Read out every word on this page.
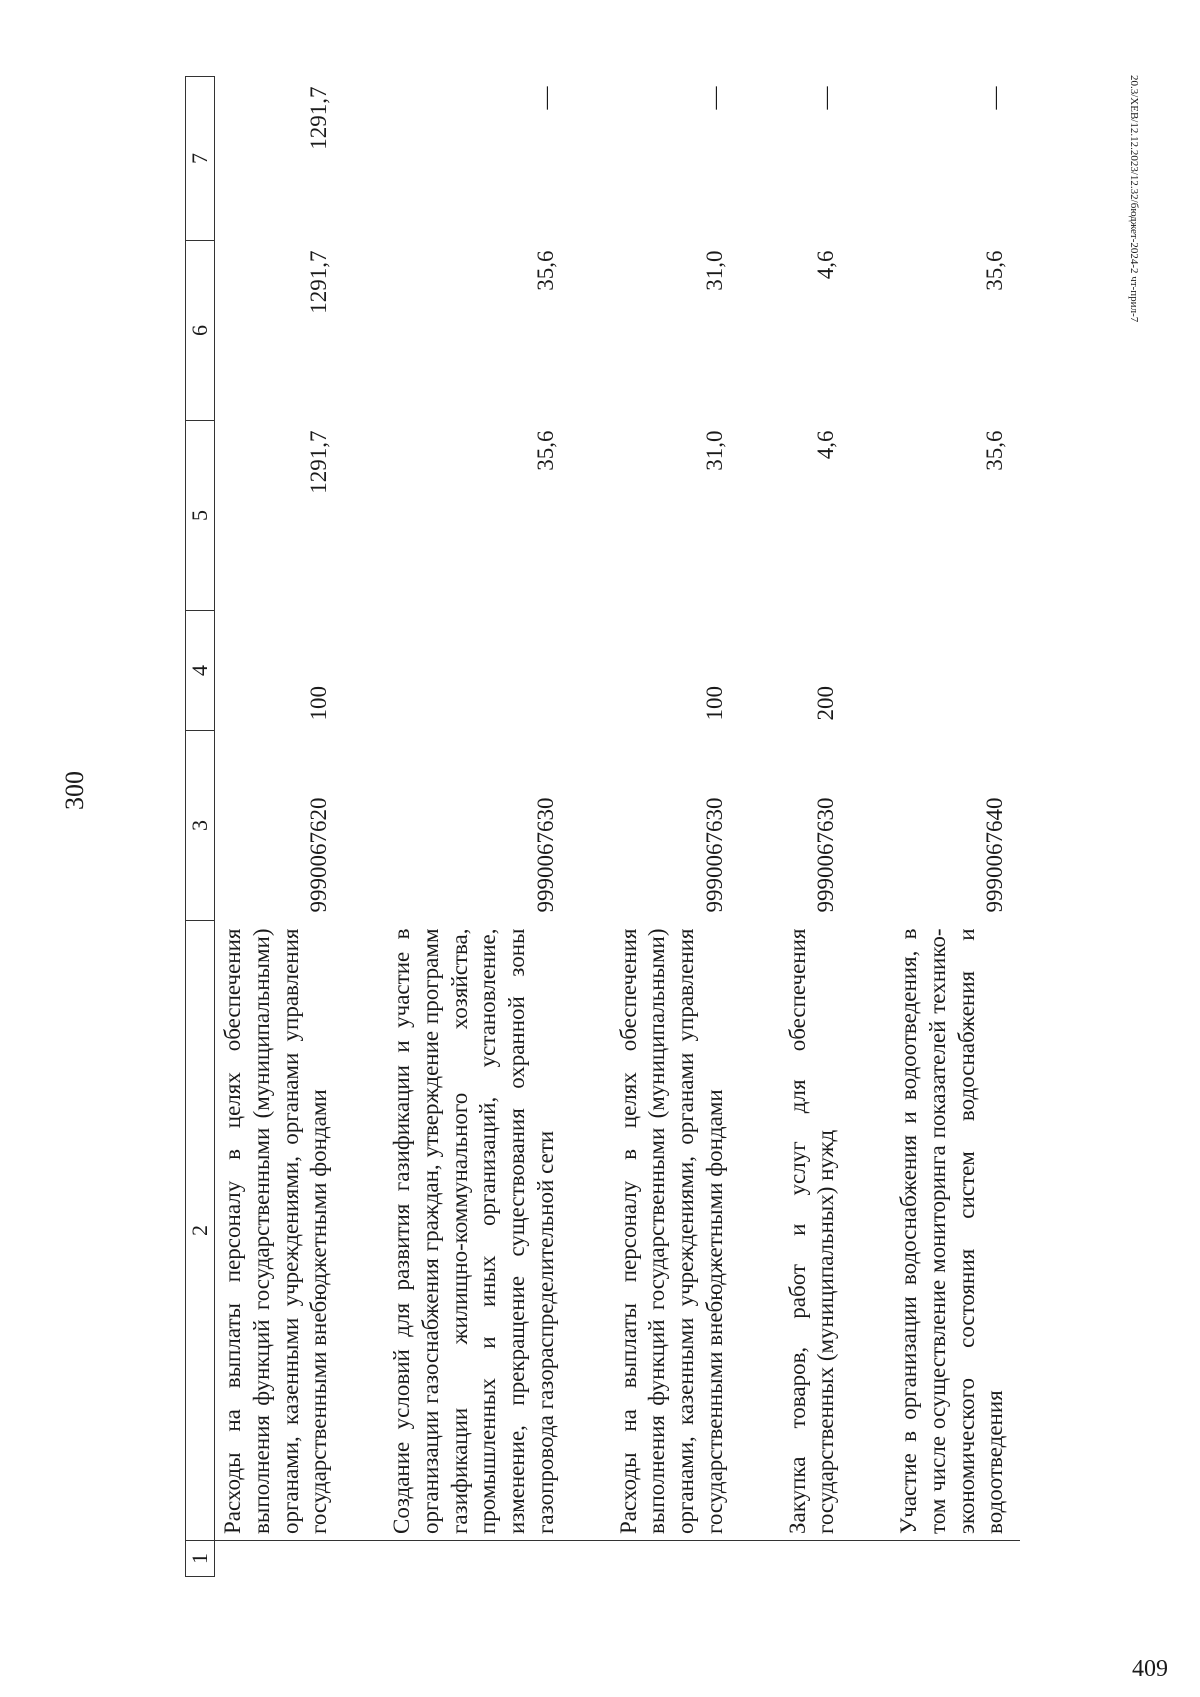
300
20.3/XEB/12.12.2023/12.32/бюджет-2024-2 чт-прил-7
409
1	2	3	4	5	6	7
	Расходы на выплаты персоналу в целях обеспечения выполнения функций государственными (муниципальными) органами, казенными учреждениями, органами управления государственными внебюджетными фондами	9990067620	100	1291,7	1291,7	1291,7

	Создание условий для развития газификации и участие в организации газоснабжения граждан, утверждение программ газификации жилищно-коммунального хозяйства, промышленных и иных организаций, установление, изменение, прекращение существования охранной зоны газопровода газораспределительной сети	9990067630		35,6	35,6	—

	Расходы на выплаты персоналу в целях обеспечения выполнения функций государственными (муниципальными) органами, казенными учреждениями, органами управления государственными внебюджетными фондами	9990067630	100	31,0	31,0	—

	Закупка товаров, работ и услуг для обеспечения государственных (муниципальных) нужд	9990067630	200	4,6	4,6	—

	Участие в организации водоснабжения и водоотведения, в том числе осуществление мониторинга показателей технико-экономического состояния систем водоснабжения и водоотведения	9990067640		35,6	35,6	—
